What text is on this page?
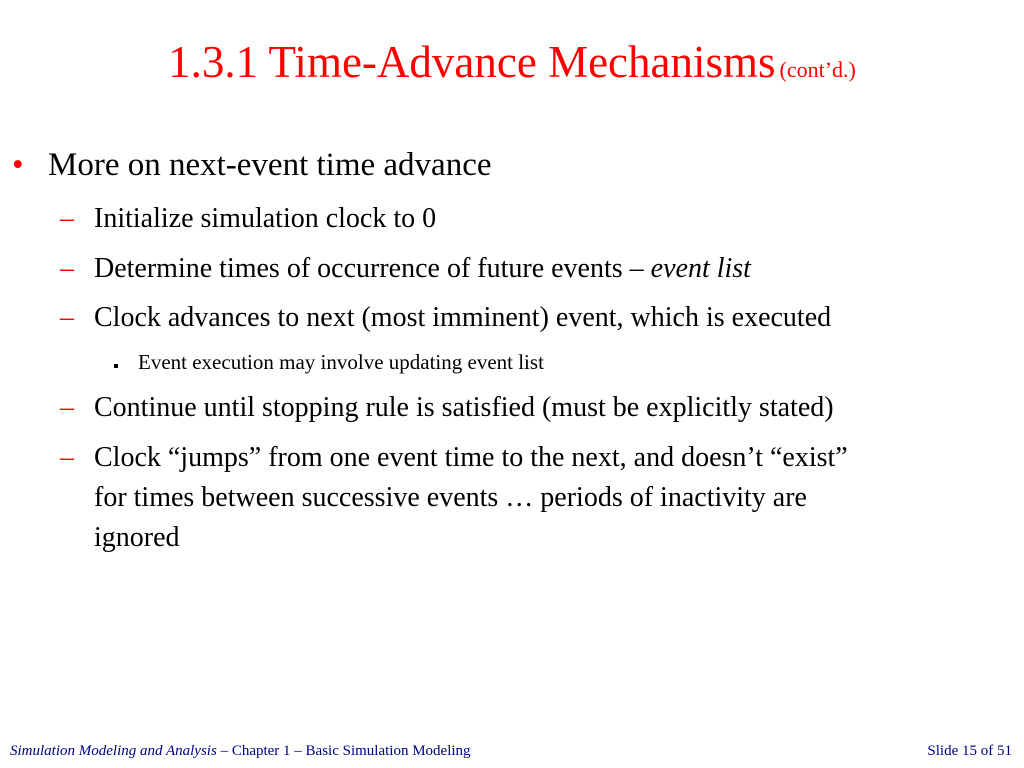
1.3.1 Time-Advance Mechanisms (cont’d.)
• More on next-event time advance
– Initialize simulation clock to 0
– Determine times of occurrence of future events – event list
– Clock advances to next (most imminent) event, which is executed
Event execution may involve updating event list
– Continue until stopping rule is satisfied (must be explicitly stated)
– Clock “jumps” from one event time to the next, and doesn’t “exist”
for times between successive events … periods of inactivity are
ignored
Simulation Modeling and Analysis – Chapter 1 – Basic Simulation Modeling	Slide 15 of 51
